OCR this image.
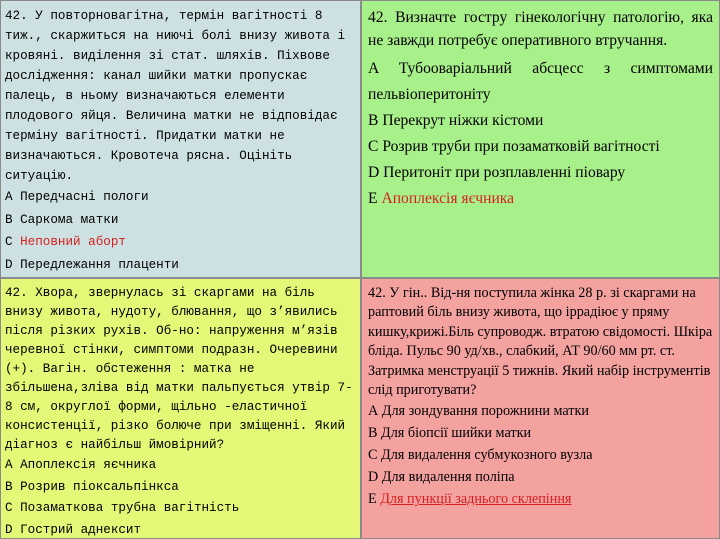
42. У повторновагітна, термін вагітності 8 тиж., скаржиться на ниючі болі внизу живота і кровяні. виділення зі стат. шляхів. Піхвове дослідження: канал шийки матки пропускає палець, в ньому визначаються елементи плодового яйця. Величина матки не відповідає терміну вагітності. Придатки матки не визначаються. Кровотеча рясна. Оцініть ситуацію.

А Передчасні пологи

B Саркома матки

C Неповний аборт

D Передлежання плаценти

42. Визначте гостру гінекологічну патологію, яка не завжди потребує оперативного втручання.

A Тубооваріальний абсцесс з симптомами пельвіоперитоніту

B Перекрут ніжки кістоми

C Розрив труби при позаматковій вагітності

D Перитоніт при розплавленні піовару

E Апоплексія яєчника

42. Хвора, звернулась зі скаргами на біль внизу живота, нудоту, блювання, що з’явились після різких рухів. Об-но: напруження м’язів черевної стінки, симптоми подразн. Очеревини (+). Вагін. обстеження : матка не збільшена,зліва від матки пальпується утвір 7-8 см, округлої форми, щільно -еластичної консистенції, різко болюче при зміщенні. Який діагноз є найбільш ймовірний?

А Апоплексія яєчника

В Розрив піоксальпінкса

С Позаматкова трубна вагітність

D Гострий аднексит

42. У гін.. Від-ня поступила жінка 28 р. зі скаргами на раптовий біль внизу живота, що іррадіює у пряму кишку,крижі.Біль супроводж. втратою свідомості. Шкіра бліда. Пульс 90 уд/хв., слабкий, АТ 90/60 мм рт. ст. Затримка менструації 5 тижнів. Який набір інструментів слід приготувати?

А Для зондування порожнини матки

В Для біопсії шийки матки

С Для видалення субмукозного вузла

D Для видалення поліпа

Е Для пункції заднього склепіння
